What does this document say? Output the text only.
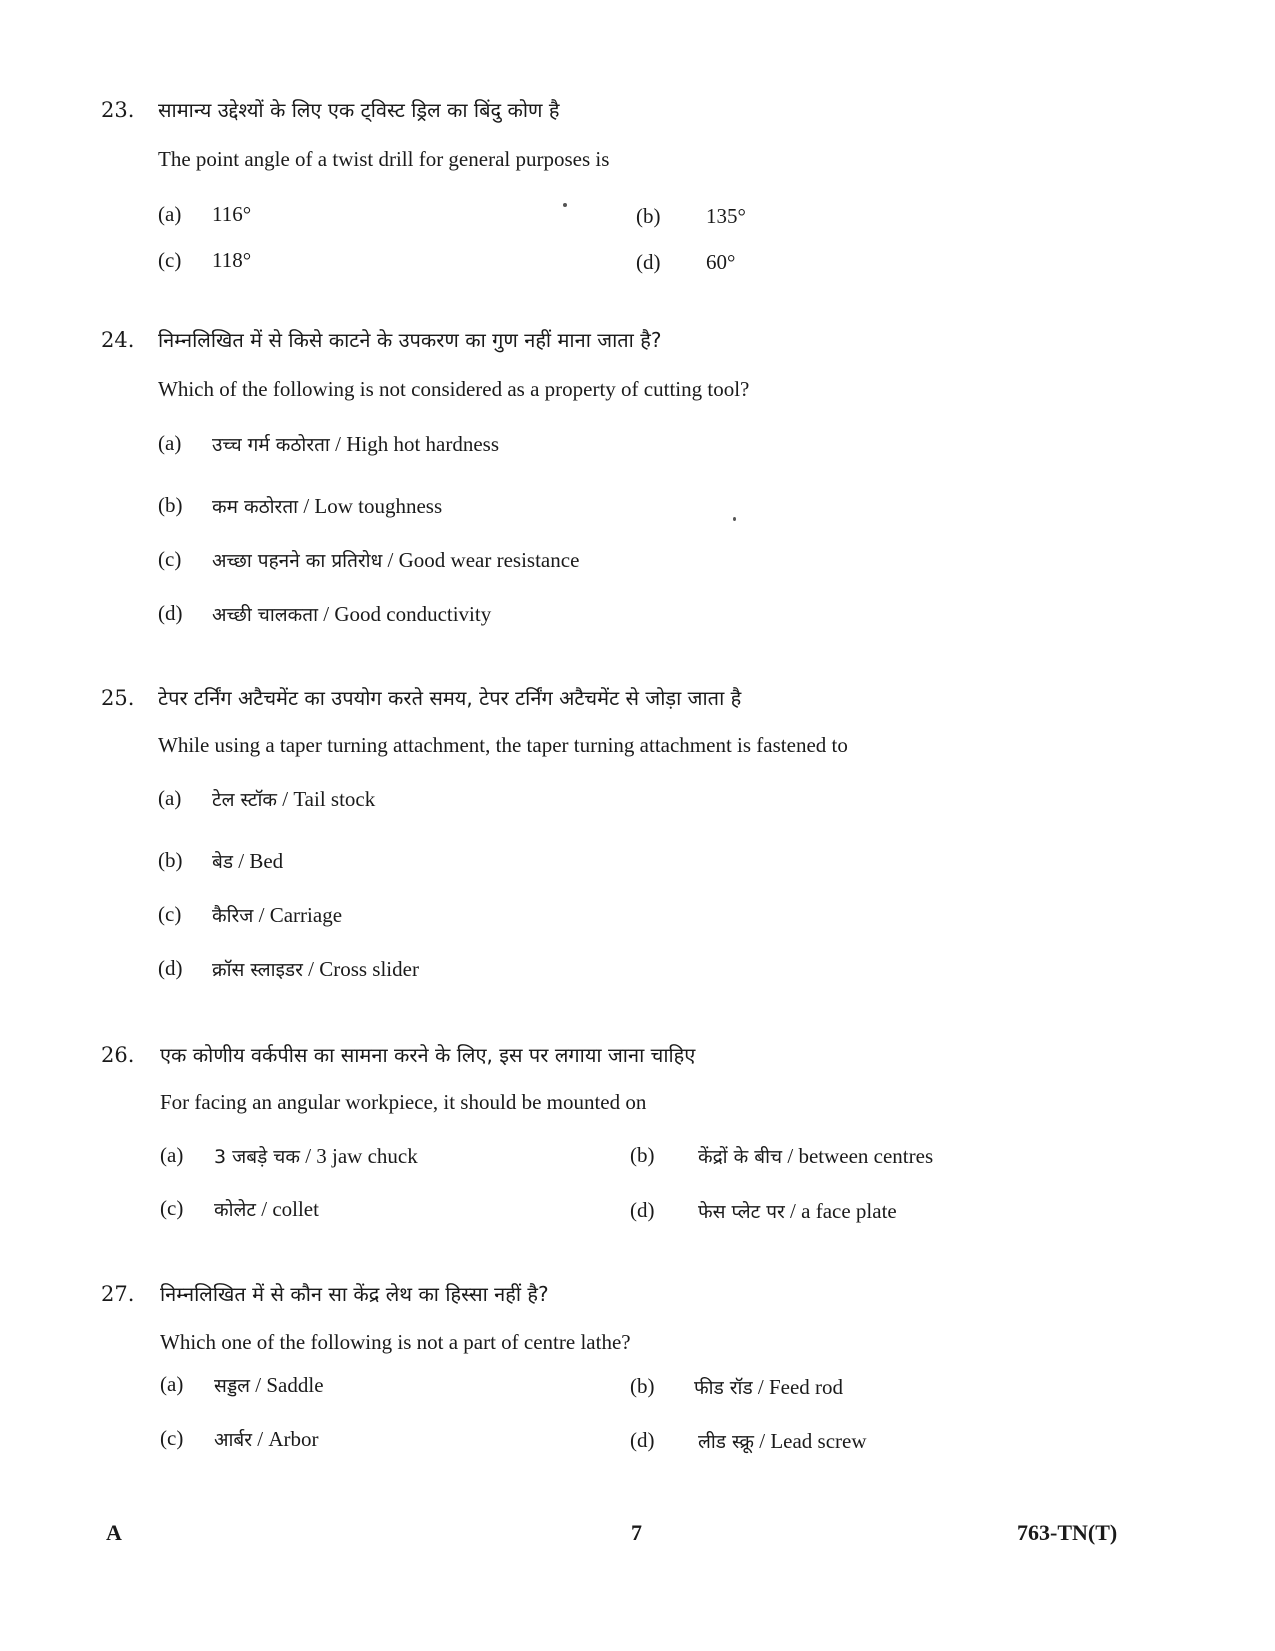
23. सामान्य उद्देश्यों के लिए एक ट्विस्ट ड्रिल का बिंदु कोण है
The point angle of a twist drill for general purposes is
(a) 116°	(b) 135°
(c) 118°	(d) 60°
24. निम्नलिखित में से किसे काटने के उपकरण का गुण नहीं माना जाता है?
Which of the following is not considered as a property of cutting tool?
(a) उच्च गर्म कठोरता / High hot hardness
(b) कम कठोरता / Low toughness
(c) अच्छा पहनने का प्रतिरोध / Good wear resistance
(d) अच्छी चालकता / Good conductivity
25. टेपर टर्निंग अटैचमेंट का उपयोग करते समय, टेपर टर्निंग अटैचमेंट से जोड़ा जाता है
While using a taper turning attachment, the taper turning attachment is fastened to
(a) टेल स्टॉक / Tail stock
(b) बेड / Bed
(c) कैरिज / Carriage
(d) क्रॉस स्लाइडर / Cross slider
26. एक कोणीय वर्कपीस का सामना करने के लिए, इस पर लगाया जाना चाहिए
For facing an angular workpiece, it should be mounted on
(a) 3 जबड़े चक / 3 jaw chuck	(b) केंद्रों के बीच / between centres
(c) कोलेट / collet	(d) फेस प्लेट पर / a face plate
27. निम्नलिखित में से कौन सा केंद्र लेथ का हिस्सा नहीं है?
Which one of the following is not a part of centre lathe?
(a) सड्डल / Saddle	(b) फीड रॉड / Feed rod
(c) आर्बर / Arbor	(d) लीड स्क्रू / Lead screw
A	7	763-TN(T)
